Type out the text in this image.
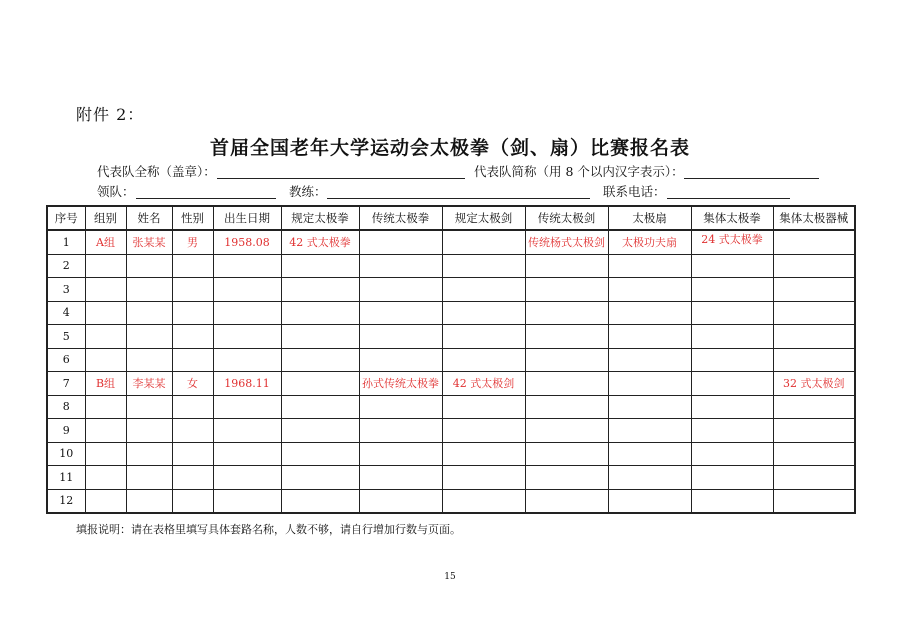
附件 2：
首届全国老年大学运动会太极拳（剑、扇）比赛报名表
代表队全称（盖章）：	代表队简称（用 8 个以内汉字表示）：
领队：	教练：	联系电话：
序号	组别	姓名	性别	出生日期	规定太极拳	传统太极拳	规定太极剑	传统太极剑	太极扇	集体太极拳	集体太极器械
1	A组	张某某	男	1958.08	42 式太极拳			传统杨式太极剑	太极功夫扇	24 式太极拳	
2											
3											
4											
5											
6											
7	B组	李某某	女	1968.11		孙式传统太极拳	42 式太极剑				32 式太极剑
8											
9											
10											
11											
12											
填报说明：请在表格里填写具体套路名称，人数不够，请自行增加行数与页面。
15
